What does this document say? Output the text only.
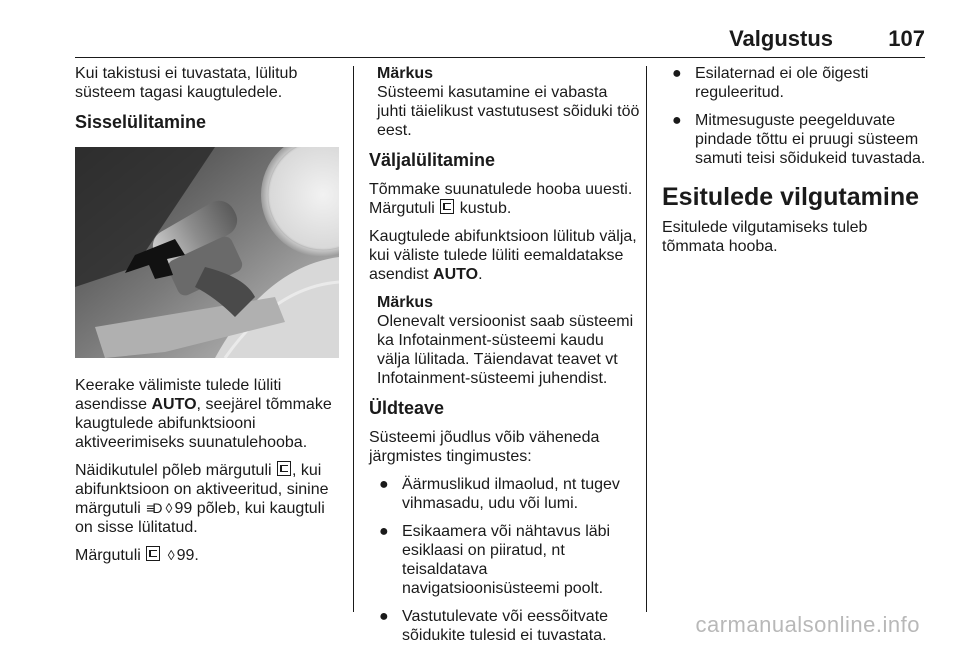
Valgustus	107

Kui takistusi ei tuvastata, lülitub süsteem tagasi kaugtuledele.

Sisselülitamine

Keerake välimiste tulede lüliti asendisse AUTO, seejärel tõmmake kaugtulede abifunktsiooni aktiveerimiseks suunatulehooba.

Näidikutulel põleb märgutuli , kui abifunktsioon on aktiveeritud, sinine märgutuli ≡D ◊ 99 põleb, kui kaugtuli on sisse lülitatud.

Märgutuli  ◊ 99.

Märkus
Süsteemi kasutamine ei vabasta juhti täielikust vastutusest sõiduki töö eest.
Väljalülitamine

Tõmmake suunatulede hooba uuesti. Märgutuli  kustub.

Kaugtulede abifunktsioon lülitub välja, kui väliste tulede lüliti eemaldatakse asendist AUTO.

Märkus
Olenevalt versioonist saab süsteemi ka Infotainment-süsteemi kaudu välja lülitada. Täiendavat teavet vt Infotainment-süsteemi juhendist.
Üldteave

Süsteemi jõudlus võib väheneda järgmistes tingimustes:

● Äärmuslikud ilmaolud, nt tugev vihmasadu, udu või lumi.
● Esikaamera või nähtavus läbi esiklaasi on piiratud, nt teisaldatava navigatsioonisüsteemi poolt.
● Vastutulevate või eessõitvate sõidukite tulesid ei tuvastata.
● Esilaternad ei ole õigesti reguleeritud.
● Mitmesuguste peegelduvate pindade tõttu ei pruugi süsteem samuti teisi sõidukeid tuvastada.
Esitulede vilgutamine

Esitulede vilgutamiseks tuleb tõmmata hooba.

carmanualsonline.info
